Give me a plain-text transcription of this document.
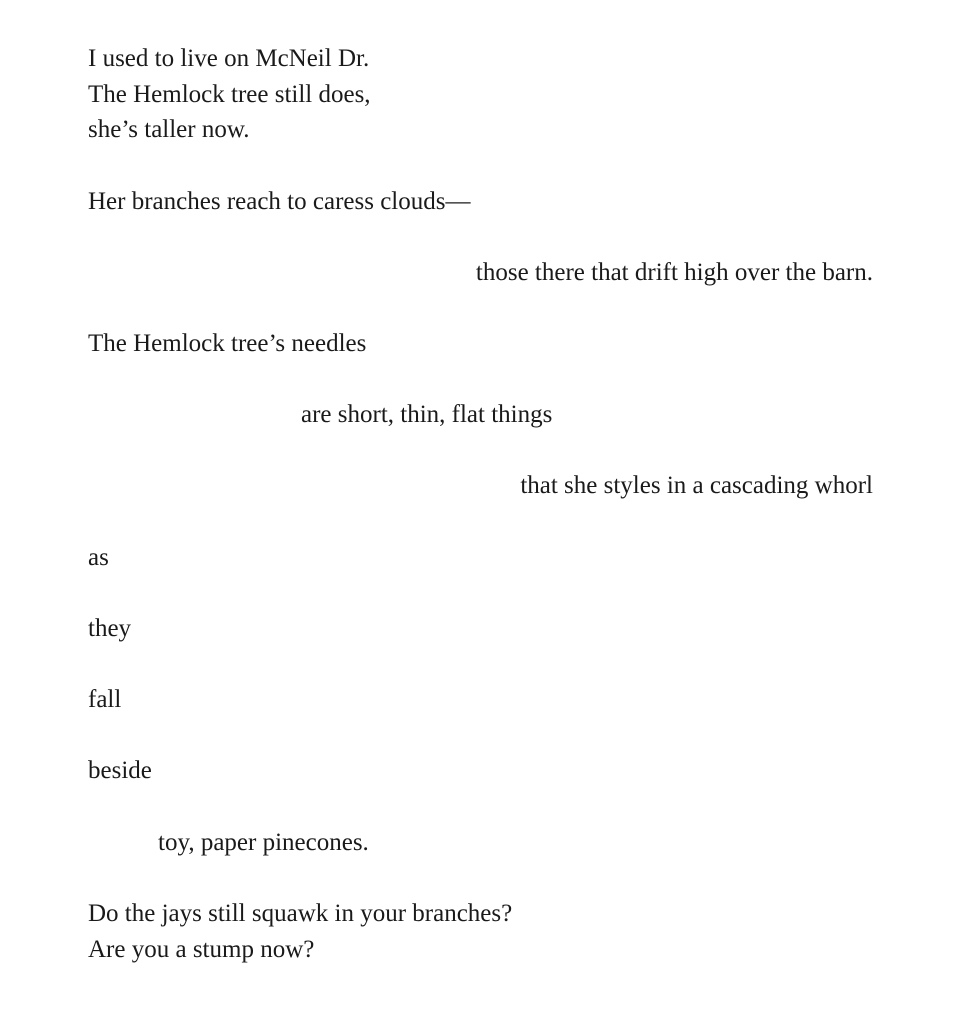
I used to live on McNeil Dr.

The Hemlock tree still does,

she’s taller now.

Her branches reach to caress clouds—

those there that drift high over the barn.

The Hemlock tree’s needles

are short, thin, flat things

that she styles in a cascading whorl

as

they

fall

beside

toy, paper pinecones.

Do the jays still squawk in your branches?

Are you a stump now?
